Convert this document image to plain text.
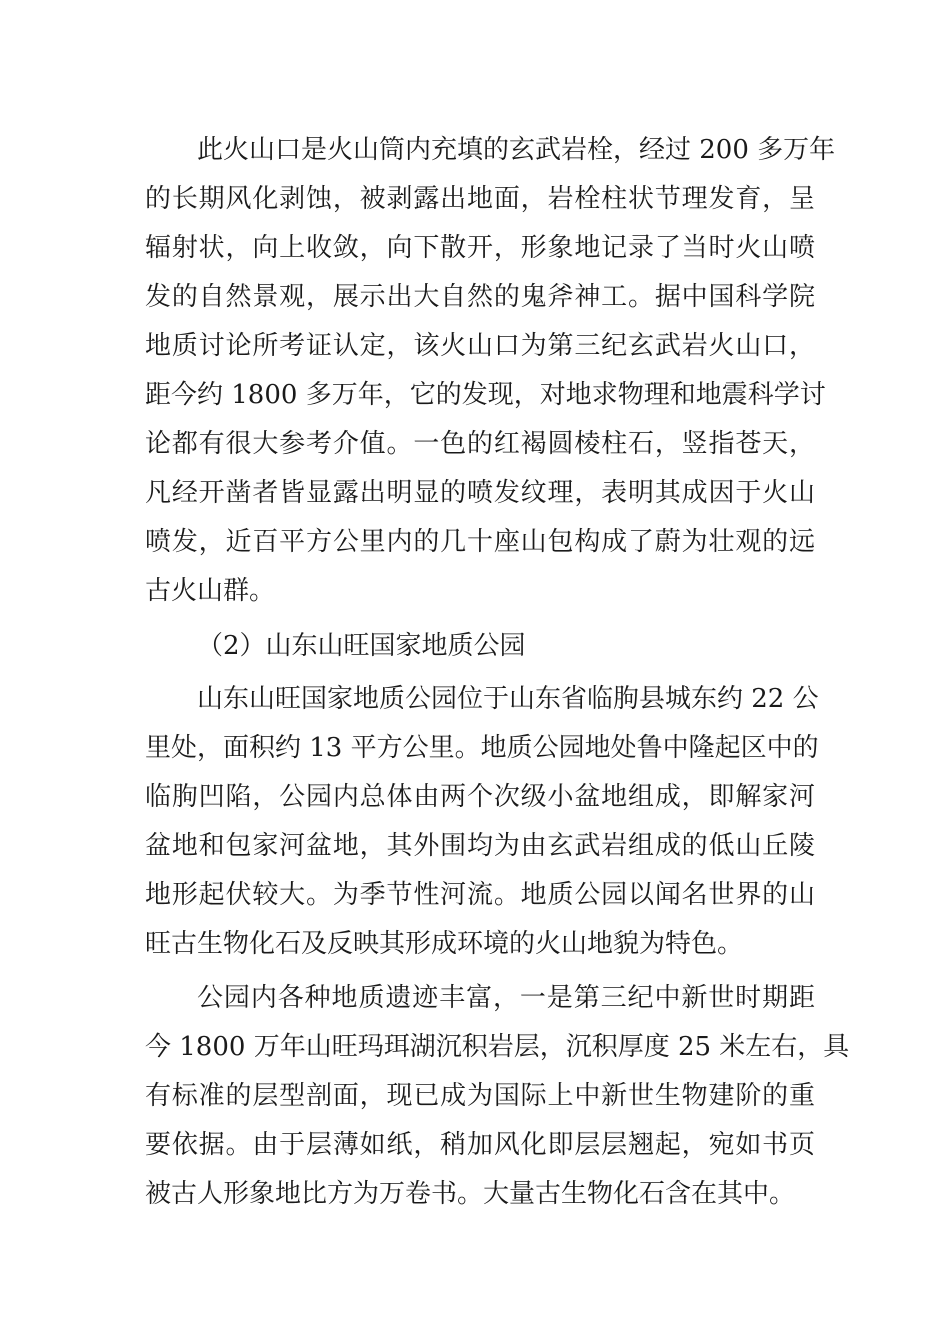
此火山口是火山筒内充填的玄武岩栓，经过 200 多万年
的长期风化剥蚀，被剥露出地面，岩栓柱状节理发育，呈
辐射状，向上收敛，向下散开，形象地记录了当时火山喷
发的自然景观，展示出大自然的鬼斧神工。据中国科学院
地质讨论所考证认定，该火山口为第三纪玄武岩火山口，
距今约 1800 多万年，它的发现，对地求物理和地震科学讨
论都有很大参考介值。一色的红褐圆棱柱石，竖指苍天，
凡经开凿者皆显露出明显的喷发纹理，表明其成因于火山
喷发，近百平方公里内的几十座山包构成了蔚为壮观的远
古火山群。
（2）山东山旺国家地质公园
山东山旺国家地质公园位于山东省临朐县城东约 22 公
里处，面积约 13 平方公里。地质公园地处鲁中隆起区中的
临朐凹陷，公园内总体由两个次级小盆地组成，即解家河
盆地和包家河盆地，其外围均为由玄武岩组成的低山丘陵
地形起伏较大。为季节性河流。地质公园以闻名世界的山
旺古生物化石及反映其形成环境的火山地貌为特色。
公园内各种地质遗迹丰富，一是第三纪中新世时期距
今 1800 万年山旺玛珥湖沉积岩层，沉积厚度 25 米左右，具
有标准的层型剖面，现已成为国际上中新世生物建阶的重
要依据。由于层薄如纸，稍加风化即层层翘起，宛如书页
被古人形象地比方为万卷书。大量古生物化石含在其中。
